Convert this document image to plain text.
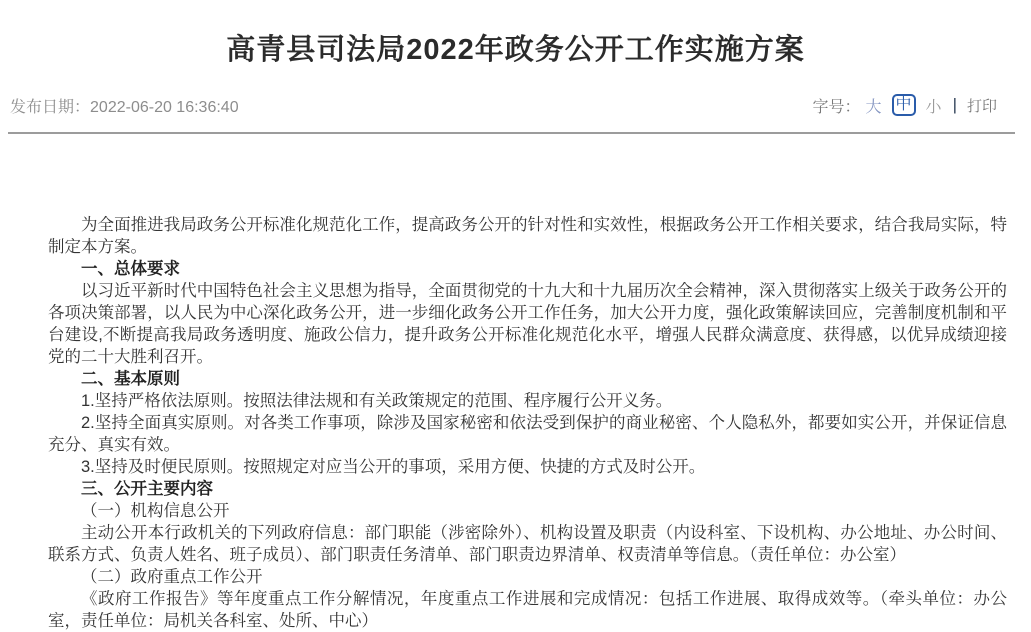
高青县司法局2022年政务公开工作实施方案
发布日期：2022-06-20 16:36:40	字号： 大 中 小 | 打印

为全面推进我局政务公开标准化规范化工作，提高政务公开的针对性和实效性，根据政务公开工作相关要求，结合我局实际，特制定本方案。

一、总体要求

以习近平新时代中国特色社会主义思想为指导，全面贯彻党的十九大和十九届历次全会精神，深入贯彻落实上级关于政务公开的各项决策部署，以人民为中心深化政务公开，进一步细化政务公开工作任务，加大公开力度，强化政策解读回应，完善制度机制和平台建设,不断提高我局政务透明度、施政公信力，提升政务公开标准化规范化水平，增强人民群众满意度、获得感，以优异成绩迎接党的二十大胜利召开。

二、基本原则

1.坚持严格依法原则。按照法律法规和有关政策规定的范围、程序履行公开义务。

2.坚持全面真实原则。对各类工作事项，除涉及国家秘密和依法受到保护的商业秘密、个人隐私外，都要如实公开，并保证信息充分、真实有效。

3.坚持及时便民原则。按照规定对应当公开的事项，采用方便、快捷的方式及时公开。

三、公开主要内容

（一）机构信息公开

主动公开本行政机关的下列政府信息：部门职能（涉密除外）、机构设置及职责（内设科室、下设机构、办公地址、办公时间、联系方式、负责人姓名、班子成员）、部门职责任务清单、部门职责边界清单、权责清单等信息。（责任单位：办公室）

（二）政府重点工作公开

《政府工作报告》等年度重点工作分解情况，年度重点工作进展和完成情况：包括工作进展、取得成效等。（牵头单位：办公室，责任单位：局机关各科室、处所、中心）
